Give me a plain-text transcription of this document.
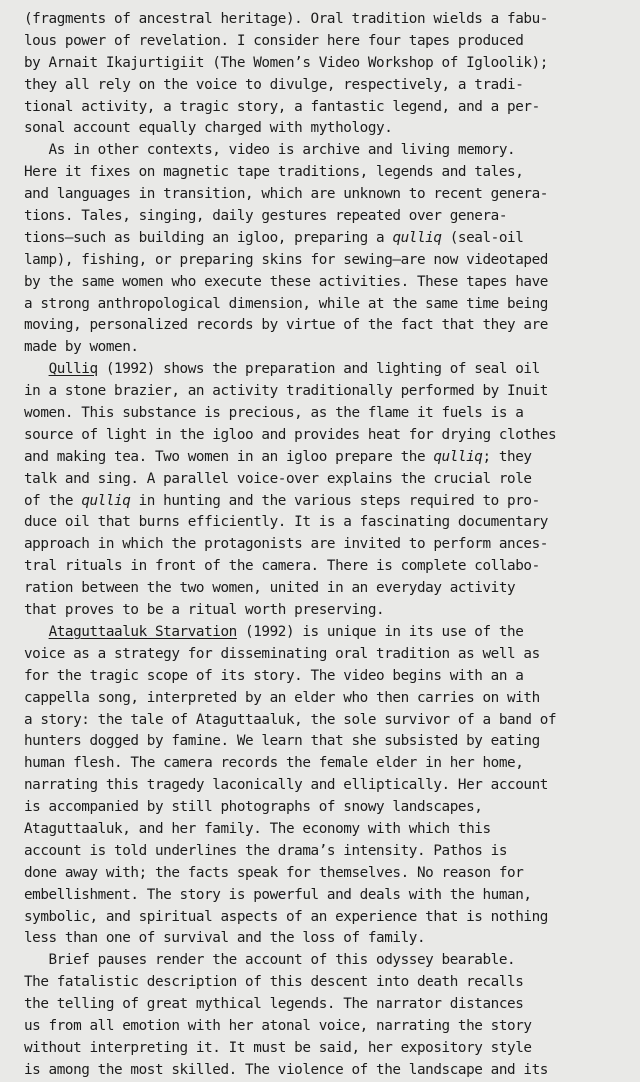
(fragments of ancestral heritage). Oral tradition wields a fabu-
lous power of revelation. I consider here four tapes produced
by Arnait Ikajurtigiit (The Women’s Video Workshop of Igloolik);
they all rely on the voice to divulge, respectively, a tradi-
tional activity, a tragic story, a fantastic legend, and a per-
sonal account equally charged with mythology.
As in other contexts, video is archive and living memory.
Here it fixes on magnetic tape traditions, legends and tales,
and languages in transition, which are unknown to recent genera-
tions. Tales, singing, daily gestures repeated over genera-
tions—such as building an igloo, preparing a qulliq (seal-oil
lamp), fishing, or preparing skins for sewing—are now videotaped
by the same women who execute these activities. These tapes have
a strong anthropological dimension, while at the same time being
moving, personalized records by virtue of the fact that they are
made by women.
Qulliq (1992) shows the preparation and lighting of seal oil
in a stone brazier, an activity traditionally performed by Inuit
women. This substance is precious, as the flame it fuels is a
source of light in the igloo and provides heat for drying clothes
and making tea. Two women in an igloo prepare the qulliq; they
talk and sing. A parallel voice-over explains the crucial role
of the qulliq in hunting and the various steps required to pro-
duce oil that burns efficiently. It is a fascinating documentary
approach in which the protagonists are invited to perform ances-
tral rituals in front of the camera. There is complete collabo-
ration between the two women, united in an everyday activity
that proves to be a ritual worth preserving.
Ataguttaaluk Starvation (1992) is unique in its use of the
voice as a strategy for disseminating oral tradition as well as
for the tragic scope of its story. The video begins with an a
cappella song, interpreted by an elder who then carries on with
a story: the tale of Ataguttaaluk, the sole survivor of a band of
hunters dogged by famine. We learn that she subsisted by eating
human flesh. The camera records the female elder in her home,
narrating this tragedy laconically and elliptically. Her account
is accompanied by still photographs of snowy landscapes,
Ataguttaaluk, and her family. The economy with which this
account is told underlines the drama’s intensity. Pathos is
done away with; the facts speak for themselves. No reason for
embellishment. The story is powerful and deals with the human,
symbolic, and spiritual aspects of an experience that is nothing
less than one of survival and the loss of family.
Brief pauses render the account of this odyssey bearable.
The fatalistic description of this descent into death recalls
the telling of great mythical legends. The narrator distances
us from all emotion with her atonal voice, narrating the story
without interpreting it. It must be said, her expository style
is among the most skilled. The violence of the landscape and its
